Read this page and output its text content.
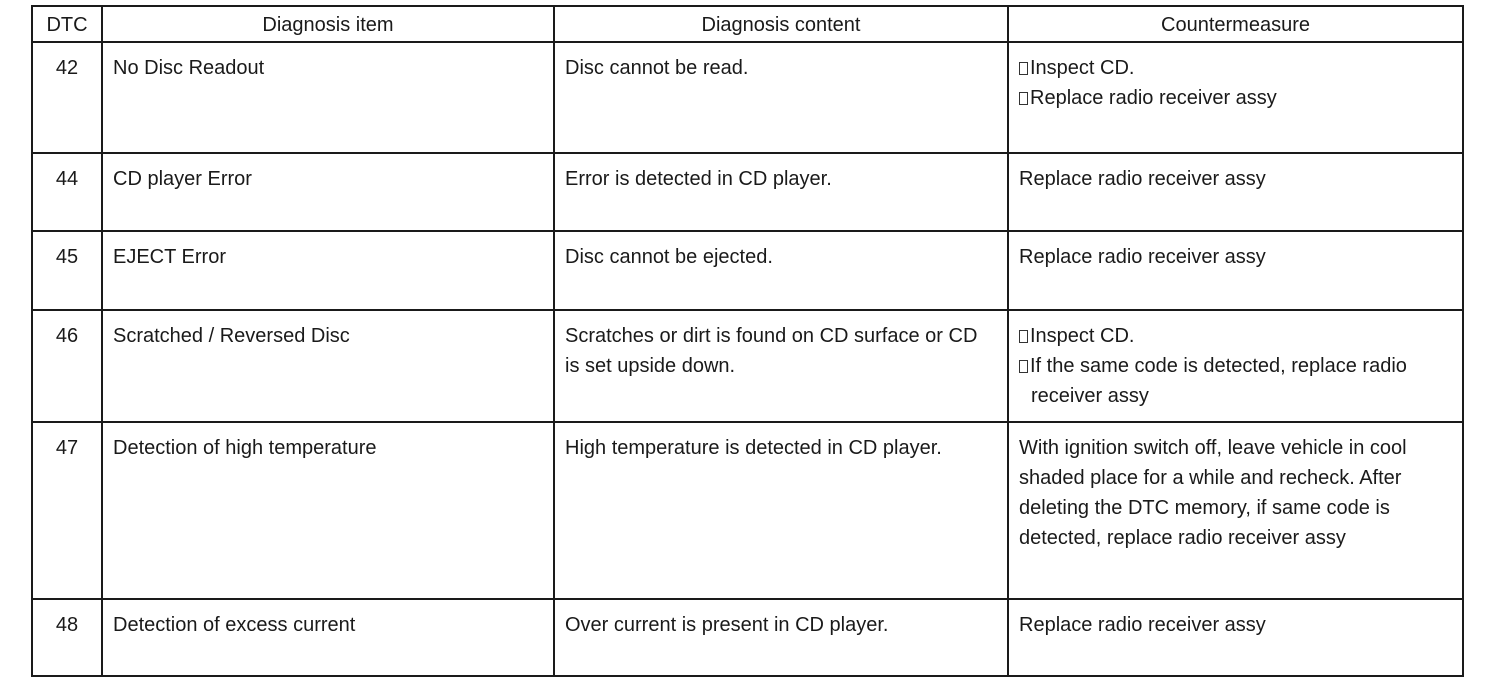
DTC	Diagnosis item	Diagnosis content	Countermeasure
42	No Disc Readout	Disc cannot be read.	Inspect CD.
Replace radio receiver assy

44	CD player Error	Error is detected in CD player.	Replace radio receiver assy
45	EJECT Error	Disc cannot be ejected.	Replace radio receiver assy
46	Scratched / Reversed Disc	Scratches or dirt is found on CD surface or CD is set upside down.	Inspect CD.
If the same code is detected, replace radio receiver assy

47	Detection of high temperature	High temperature is detected in CD player.	With ignition switch off, leave vehicle in cool shaded place for a while and recheck. After deleting the DTC memory, if same code is detected, replace radio receiver assy
48	Detection of excess current	Over current is present in CD player.	Replace radio receiver assy
